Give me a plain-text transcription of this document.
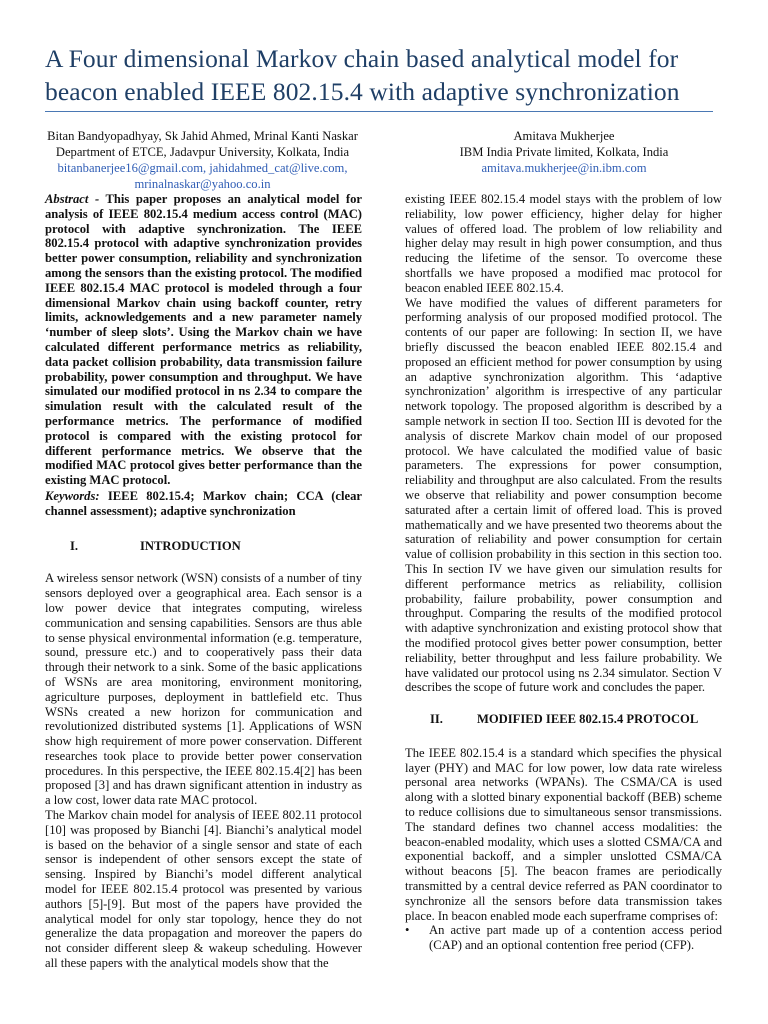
A Four dimensional Markov chain based analytical model for beacon enabled IEEE 802.15.4 with adaptive synchronization
Bitan Bandyopadhyay, Sk Jahid Ahmed, Mrinal Kanti Naskar
Department of ETCE, Jadavpur University, Kolkata, India
bitanbanerjee16@gmail.com, jahidahmed_cat@live.com,
mrinalnaskar@yahoo.co.in
Amitava Mukherjee
IBM India Private limited, Kolkata, India
amitava.mukherjee@in.ibm.com

Abstract - This paper proposes an analytical model for analysis of IEEE 802.15.4 medium access control (MAC) protocol with adaptive synchronization. The IEEE 802.15.4 protocol with adaptive synchronization provides better power consumption, reliability and synchronization among the sensors than the existing protocol. The modified IEEE 802.15.4 MAC protocol is modeled through a four dimensional Markov chain using backoff counter, retry limits, acknowledgements and a new parameter namely ‘number of sleep slots’. Using the Markov chain we have calculated different performance metrics as reliability, data packet collision probability, data transmission failure probability, power consumption and throughput. We have simulated our modified protocol in ns 2.34 to compare the simulation result with the calculated result of the performance metrics. The performance of modified protocol is compared with the existing protocol for different performance metrics. We observe that the modified MAC protocol gives better performance than the existing MAC protocol.

Keywords: IEEE 802.15.4; Markov chain; CCA (clear channel assessment); adaptive synchronization

I.	INTRODUCTION

A wireless sensor network (WSN) consists of a number of tiny sensors deployed over a geographical area. Each sensor is a low power device that integrates computing, wireless communication and sensing capabilities. Sensors are thus able to sense physical environmental information (e.g. temperature, sound, pressure etc.) and to cooperatively pass their data through their network to a sink. Some of the basic applications of WSNs are area monitoring, environment monitoring, agriculture purposes, deployment in battlefield etc. Thus WSNs created a new horizon for communication and revolutionized distributed systems [1]. Applications of WSN show high requirement of more power conservation. Different researches took place to provide better power conservation procedures. In this perspective, the IEEE 802.15.4[2] has been proposed [3] and has drawn significant attention in industry as a low cost, lower data rate MAC protocol.

The Markov chain model for analysis of IEEE 802.11 protocol [10] was proposed by Bianchi [4]. Bianchi’s analytical model is based on the behavior of a single sensor and state of each sensor is independent of other sensors except the state of sensing. Inspired by Bianchi’s model different analytical model for IEEE 802.15.4 protocol was presented by various authors [5]-[9]. But most of the papers have provided the analytical model for only star topology, hence they do not generalize the data propagation and moreover the papers do not consider different sleep & wakeup scheduling. However all these papers with the analytical models show that the

existing IEEE 802.15.4 model stays with the problem of low reliability, low power efficiency, higher delay for higher values of offered load. The problem of low reliability and higher delay may result in high power consumption, and thus reducing the lifetime of the sensor. To overcome these shortfalls we have proposed a modified mac protocol for beacon enabled IEEE 802.15.4.

We have modified the values of different parameters for performing analysis of our proposed modified protocol. The contents of our paper are following: In section II, we have briefly discussed the beacon enabled IEEE 802.15.4 and proposed an efficient method for power consumption by using an adaptive synchronization algorithm. This ‘adaptive synchronization’ algorithm is irrespective of any particular network topology. The proposed algorithm is described by a sample network in section II too. Section III is devoted for the analysis of discrete Markov chain model of our proposed protocol. We have calculated the modified value of basic parameters. The expressions for power consumption, reliability and throughput are also calculated. From the results we observe that reliability and power consumption become saturated after a certain limit of offered load. This is proved mathematically and we have presented two theorems about the saturation of reliability and power consumption for certain value of collision probability in this section in this section too. This In section IV we have given our simulation results for different performance metrics as reliability, collision probability, failure probability, power consumption and throughput. Comparing the results of the modified protocol with adaptive synchronization and existing protocol show that the modified protocol gives better power consumption, better reliability, better throughput and less failure probability. We have validated our protocol using ns 2.34 simulator. Section V describes the scope of future work and concludes the paper.

II.	MODIFIED IEEE 802.15.4 PROTOCOL

The IEEE 802.15.4 is a standard which specifies the physical layer (PHY) and MAC for low power, low data rate wireless personal area networks (WPANs). The CSMA/CA is used along with a slotted binary exponential backoff (BEB) scheme to reduce collisions due to simultaneous sensor transmissions. The standard defines two channel access modalities: the beacon-enabled modality, which uses a slotted CSMA/CA and exponential backoff, and a simpler unslotted CSMA/CA without beacons [5]. The beacon frames are periodically transmitted by a central device referred as PAN coordinator to synchronize all the sensors before data transmission takes place. In beacon enabled mode each superframe comprises of:

•	An active part made up of a contention access period (CAP) and an optional contention free period (CFP).
